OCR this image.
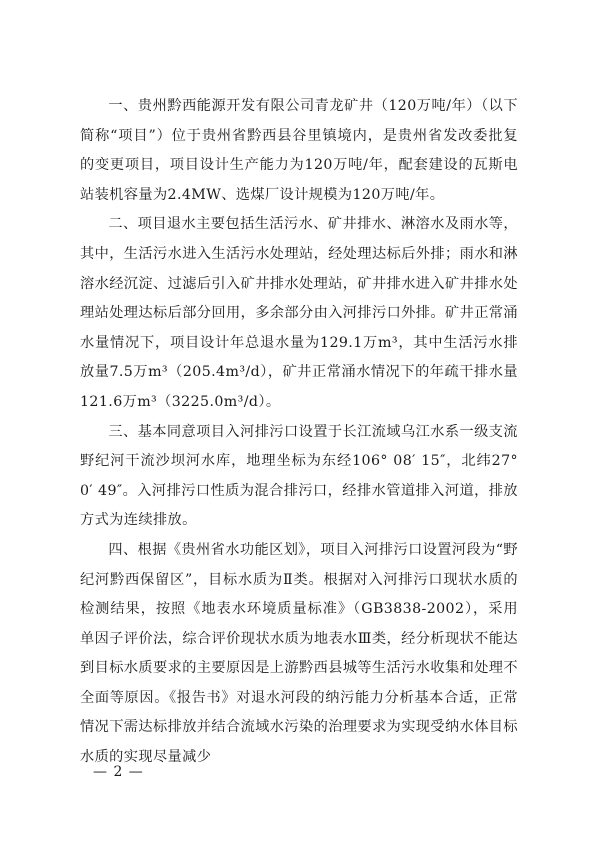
一、贵州黔西能源开发有限公司青龙矿井（120万吨/年）（以下简称“项目”）位于贵州省黔西县谷里镇境内，是贵州省发改委批复的变更项目，项目设计生产能力为120万吨/年，配套建设的瓦斯电站装机容量为2.4MW、选煤厂设计规模为120万吨/年。

二、项目退水主要包括生活污水、矿井排水、淋溶水及雨水等，其中，生活污水进入生活污水处理站，经处理达标后外排；雨水和淋溶水经沉淀、过滤后引入矿井排水处理站，矿井排水进入矿井排水处理站处理达标后部分回用，多余部分由入河排污口外排。矿井正常涌水量情况下，项目设计年总退水量为129.1万m³，其中生活污水排放量7.5万m³（205.4m³/d），矿井正常涌水情况下的年疏干排水量121.6万m³（3225.0m³/d）。

三、基本同意项目入河排污口设置于长江流域乌江水系一级支流野纪河干流沙坝河水库，地理坐标为东经106° 08′ 15″，北纬27° 0′ 49″。入河排污口性质为混合排污口，经排水管道排入河道，排放方式为连续排放。

四、根据《贵州省水功能区划》，项目入河排污口设置河段为“野纪河黔西保留区”，目标水质为Ⅱ类。根据对入河排污口现状水质的检测结果，按照《地表水环境质量标准》（GB3838-2002），采用单因子评价法，综合评价现状水质为地表水Ⅲ类，经分析现状不能达到目标水质要求的主要原因是上游黔西县城等生活污水收集和处理不全面等原因。《报告书》对退水河段的纳污能力分析基本合适，正常情况下需达标排放并结合流域水污染的治理要求为实现受纳水体目标水质的实现尽量减少

— 2 —
